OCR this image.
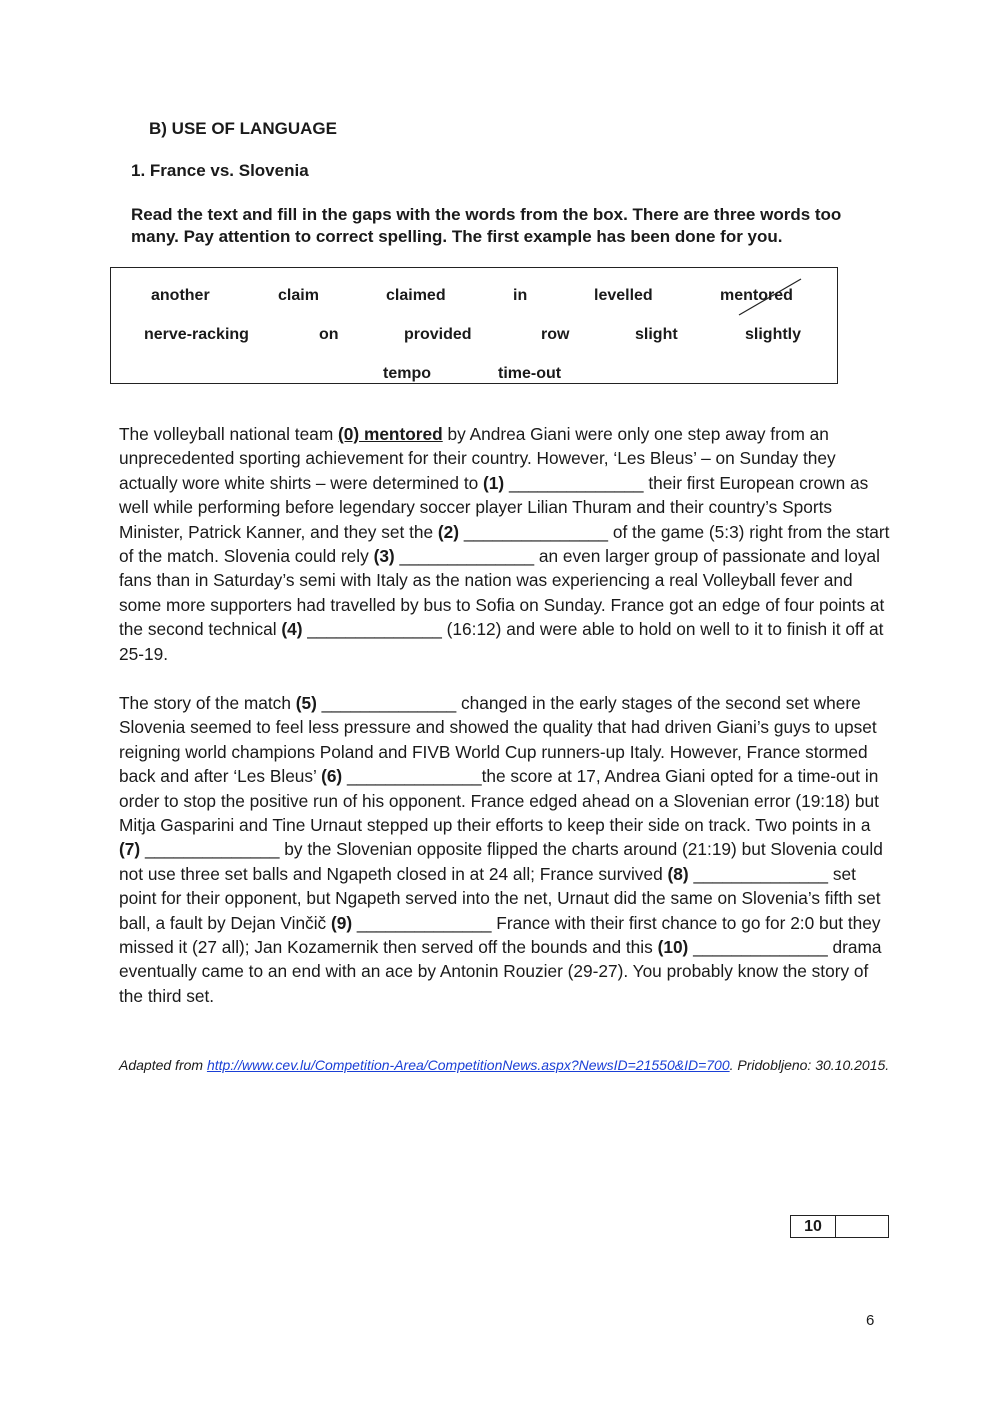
B) USE OF LANGUAGE
1. France vs. Slovenia
Read the text and fill in the gaps with the words from the box. There are three words too many. Pay attention to correct spelling. The first example has been done for you.
another	claim	claimed	in	levelled	mentored
nerve-racking	on	provided	row	slight	slightly
tempo	time-out
The volleyball national team (0) mentored by Andrea Giani were only one step away from an unprecedented sporting achievement for their country. However, ‘Les Bleus’ – on Sunday they actually wore white shirts – were determined to (1) ______________ their first European crown as well while performing before legendary soccer player Lilian Thuram and their country’s Sports Minister, Patrick Kanner, and they set the (2) _______________ of the game (5:3) right from the start of the match. Slovenia could rely (3) ______________ an even larger group of passionate and loyal fans than in Saturday’s semi with Italy as the nation was experiencing a real Volleyball fever and some more supporters had travelled by bus to Sofia on Sunday. France got an edge of four points at the second technical (4) ______________ (16:12) and were able to hold on well to it to finish it off at 25-19.
The story of the match (5) ______________ changed in the early stages of the second set where Slovenia seemed to feel less pressure and showed the quality that had driven Giani’s guys to upset reigning world champions Poland and FIVB World Cup runners-up Italy. However, France stormed back and after ‘Les Bleus’ (6) ______________the score at 17, Andrea Giani opted for a time-out in order to stop the positive run of his opponent. France edged ahead on a Slovenian error (19:18) but Mitja Gasparini and Tine Urnaut stepped up their efforts to keep their side on track. Two points in a (7) ______________ by the Slovenian opposite flipped the charts around (21:19) but Slovenia could not use three set balls and Ngapeth closed in at 24 all; France survived (8) ______________ set point for their opponent, but Ngapeth served into the net, Urnaut did the same on Slovenia’s fifth set ball, a fault by Dejan Vinčič (9) ______________ France with their first chance to go for 2:0 but they missed it (27 all); Jan Kozamernik then served off the bounds and this (10) ______________ drama eventually came to an end with an ace by Antonin Rouzier (29-27). You probably know the story of the third set.
Adapted from http://www.cev.lu/Competition-Area/CompetitionNews.aspx?NewsID=21550&ID=700. Pridobljeno: 30.10.2015.
10
6
